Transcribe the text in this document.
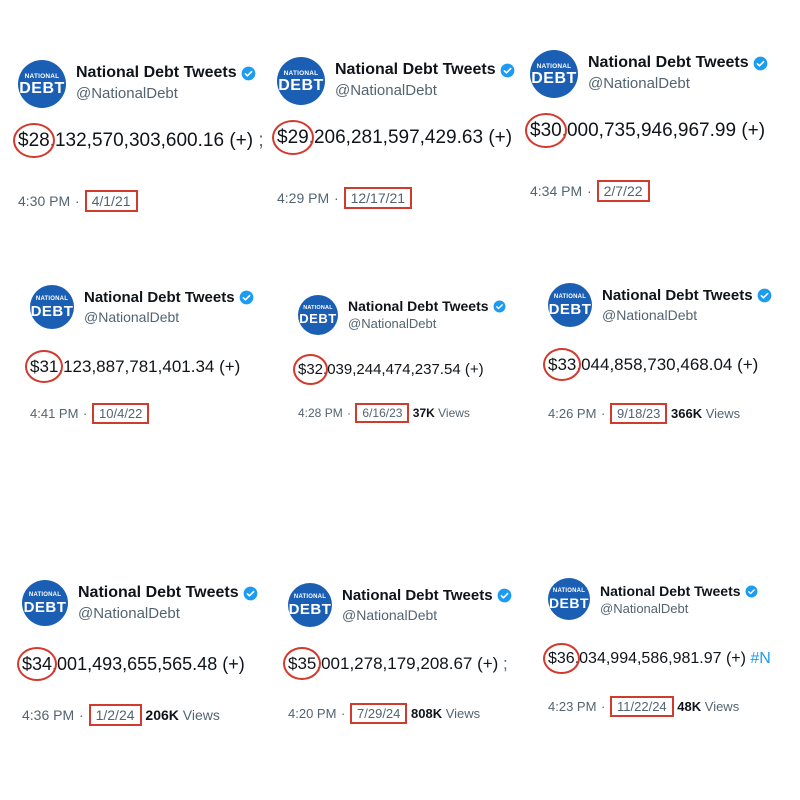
NATIONAL
DEBT
National Debt Tweets
@NationalDebt
$28,132,570,303,600.16 (+) ;
4:30 PM · 4/1/21
NATIONAL
DEBT
National Debt Tweets
@NationalDebt
$29,206,281,597,429.63 (+)
4:29 PM · 12/17/21
NATIONAL
DEBT
National Debt Tweets
@NationalDebt
$30,000,735,946,967.99 (+)
4:34 PM · 2/7/22
NATIONAL
DEBT
National Debt Tweets
@NationalDebt
$31,123,887,781,401.34 (+)
4:41 PM · 10/4/22
NATIONAL
DEBT
National Debt Tweets
@NationalDebt
$32,039,244,474,237.54 (+)
4:28 PM · 6/16/23 37K Views
NATIONAL
DEBT
National Debt Tweets
@NationalDebt
$33,044,858,730,468.04 (+)
4:26 PM · 9/18/23 366K Views
NATIONAL
DEBT
National Debt Tweets
@NationalDebt
$34,001,493,655,565.48 (+)
4:36 PM · 1/2/24 206K Views
NATIONAL
DEBT
National Debt Tweets
@NationalDebt
$35,001,278,179,208.67 (+) ;
4:20 PM · 7/29/24 808K Views
NATIONAL
DEBT
National Debt Tweets
@NationalDebt
$36,034,994,586,981.97 (+) #N
4:23 PM · 11/22/24 48K Views
